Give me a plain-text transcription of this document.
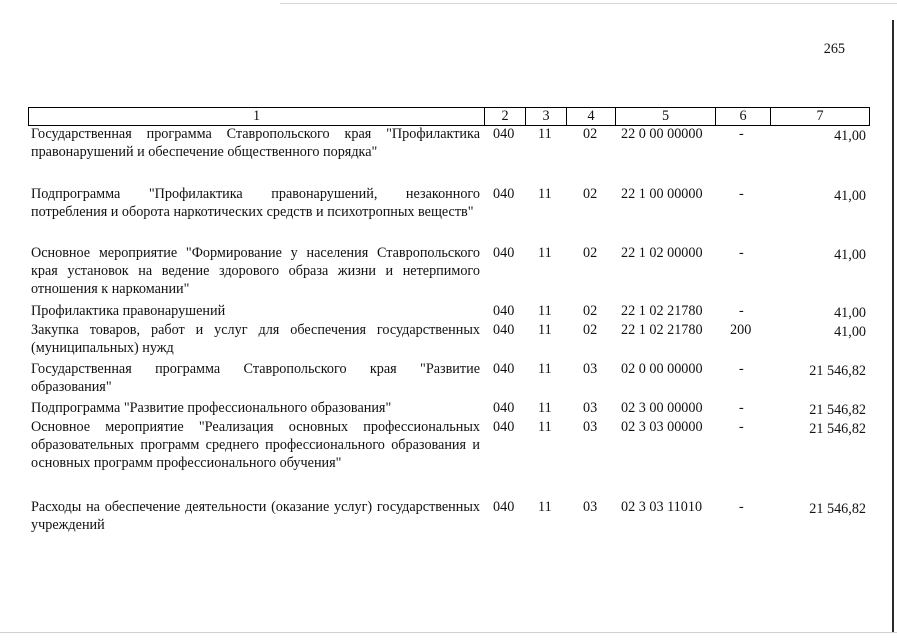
265
1	2	3	4	5	6	7
Государственная программа Ставропольского края "Профилактика правонарушений и обеспечение общественного порядка"
040 11 02 22 0 00 00000	-	41,00
Подпрограмма "Профилактика правонарушений, незаконного потребления и оборота наркотических средств и психотропных веществ"
040 11 02 22 1 00 00000	-	41,00
Основное мероприятие "Формирование у населения Ставропольского края установок на ведение здорового образа жизни и нетерпимого отношения к наркомании"
040 11 02 22 1 02 00000	-	41,00
Профилактика правонарушений	040 11 02 22 1 02 21780	-	41,00
Закупка товаров, работ и услуг для обеспечения государственных (муниципальных) нужд
040 11 02 22 1 02 21780 200	41,00
Государственная программа Ставропольского края "Развитие образования"
040 11 03 02 0 00 00000	-	21 546,82
Подпрограмма "Развитие профессионального образования"	040 11 03 02 3 00 00000	-	21 546,82
Основное мероприятие "Реализация основных профессиональных образовательных программ среднего профессионального образования и основных программ профессионального обучения"
040 11 03 02 3 03 00000	-	21 546,82
Расходы на обеспечение деятельности (оказание услуг) государственных учреждений
040 11 03 02 3 03 11010	-	21 546,82
